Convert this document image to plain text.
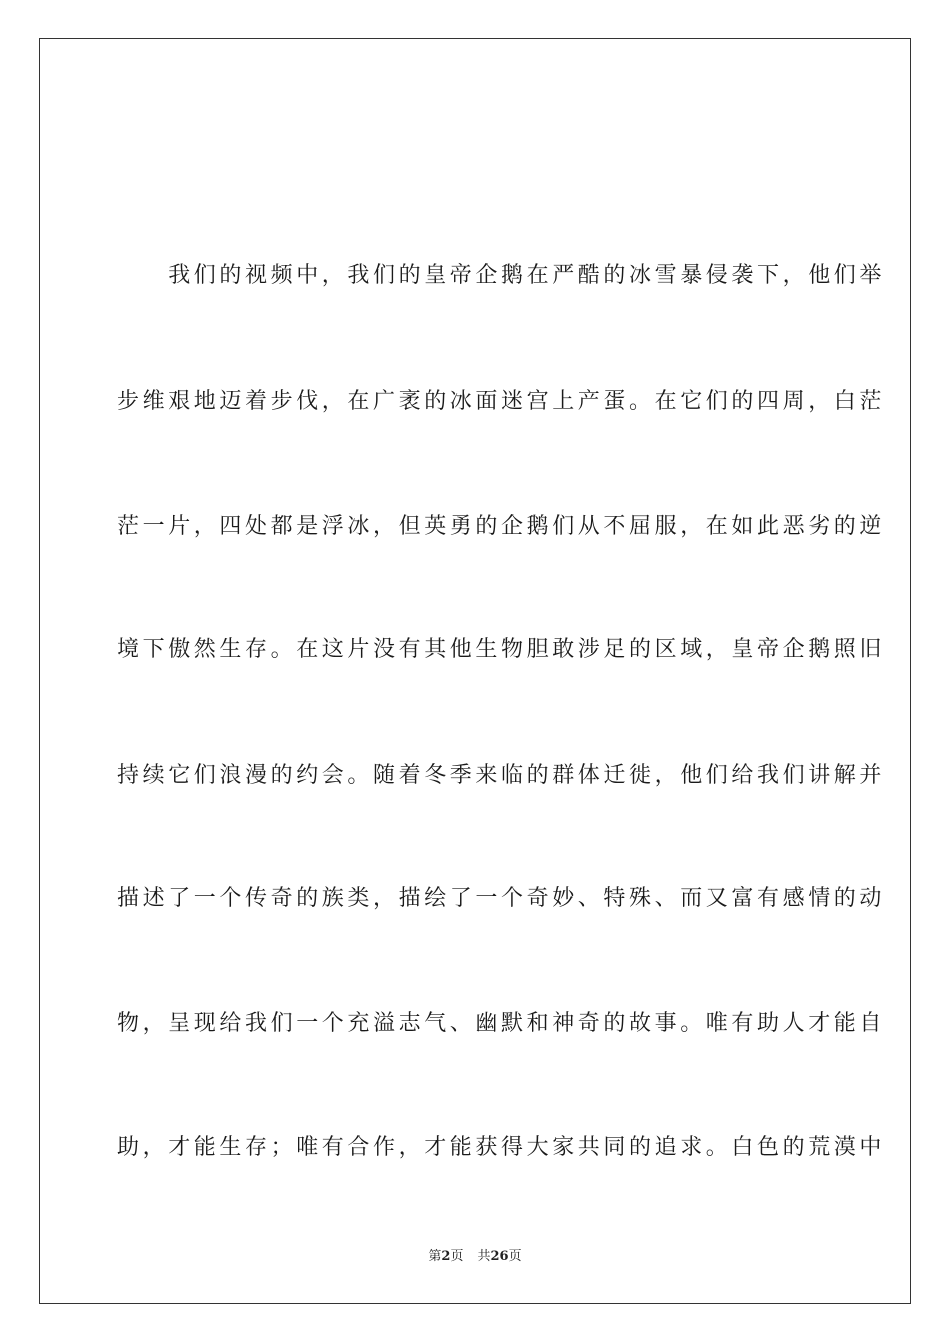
　　我们的视频中，我们的皇帝企鹅在严酷的冰雪暴侵袭下，他们举

步维艰地迈着步伐，在广袤的冰面迷宫上产蛋。在它们的四周，白茫

茫一片，四处都是浮冰，但英勇的企鹅们从不屈服，在如此恶劣的逆

境下傲然生存。在这片没有其他生物胆敢涉足的区域，皇帝企鹅照旧

持续它们浪漫的约会。随着冬季来临的群体迁徙，他们给我们讲解并

描述了一个传奇的族类，描绘了一个奇妙、特殊、而又富有感情的动

物，呈现给我们一个充溢志气、幽默和神奇的故事。唯有助人才能自

助，才能生存；唯有合作，才能获得大家共同的追求。白色的荒漠中

第2页 共26页
